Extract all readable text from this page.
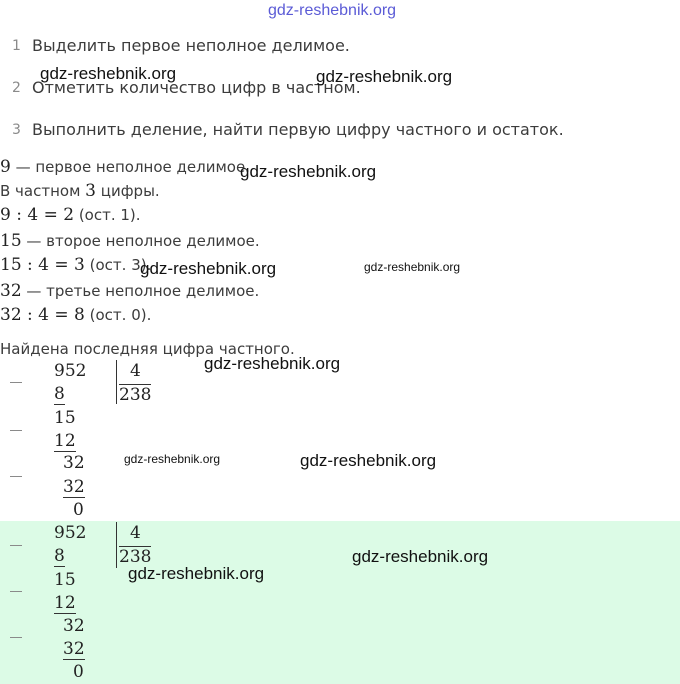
gdz-reshebnik.org
1 Выделить первое неполное делимое.
2 Отметить количество цифр в частном.
3 Выполнить деление, найти первую цифру частного и остаток.
gdz-reshebnik.org	gdz-reshebnik.org
9 — первое неполное делимое.
gdz-reshebnik.org
В частном 3 цифры.
9 : 4 = 2 (ост. 1).
15 — второе неполное делимое.
15 : 4 = 3 (ост. 3).
gdz-reshebnik.org	gdz-reshebnik.org
32 — третье неполное делимое.
32 : 4 = 8 (ост. 0).
Найдена последняя цифра частного.
952	4
238
8
15
12
32
32
0
gdz-reshebnik.org
gdz-reshebnik.org	gdz-reshebnik.org
952	4
238
8
15
12
32
32
0
gdz-reshebnik.org
gdz-reshebnik.org
